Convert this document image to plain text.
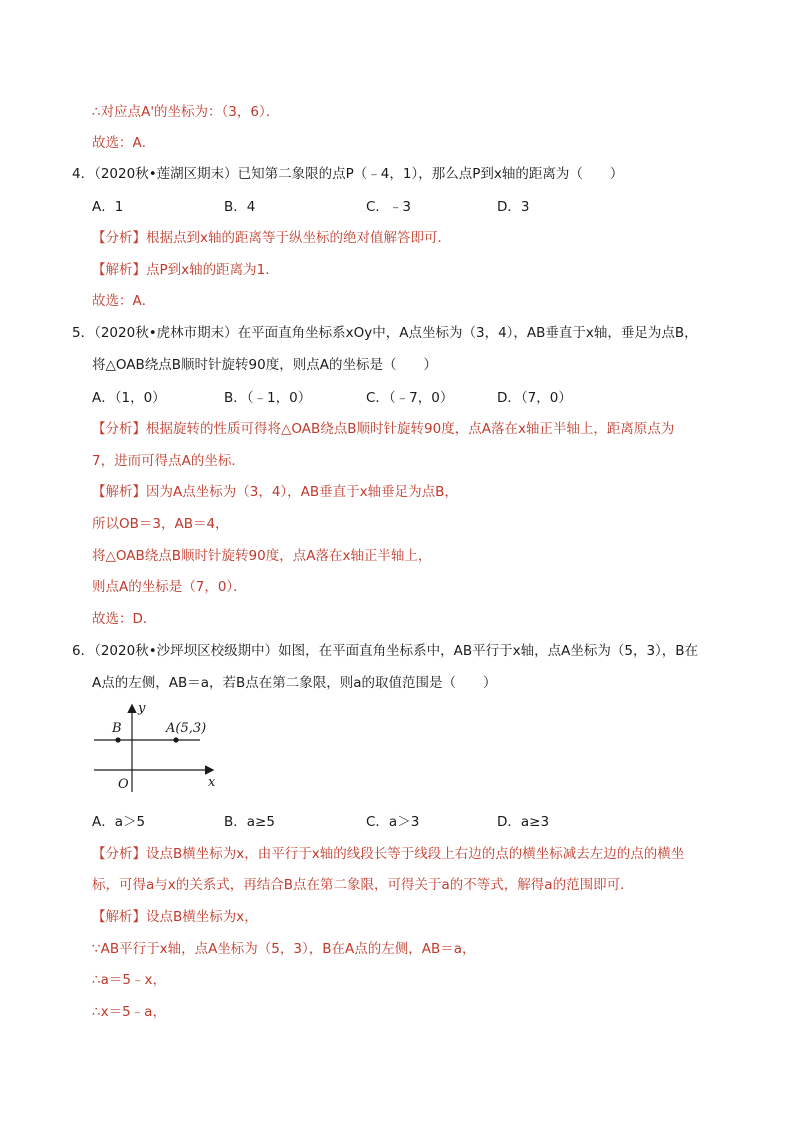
∴对应点A'的坐标为：（3，6）．
故选：A．
4．（2020秋•莲湖区期末）已知第二象限的点P（﹣4，1），那么点P到x轴的距离为（　　）
A．1	B．4	C．﹣3	D．3
【分析】根据点到x轴的距离等于纵坐标的绝对值解答即可．
【解析】点P到x轴的距离为1．
故选：A．
5．（2020秋•虎林市期末）在平面直角坐标系xOy中，A点坐标为（3，4），AB垂直于x轴，垂足为点B，
将△OAB绕点B顺时针旋转90度，则点A的坐标是（　　）
A．（1，0）	B．（﹣1，0）	C．（﹣7，0）	D．（7，0）
【分析】根据旋转的性质可得将△OAB绕点B顺时针旋转90度，点A落在x轴正半轴上，距离原点为
7，进而可得点A的坐标．
【解析】因为A点坐标为（3，4），AB垂直于x轴垂足为点B，
所以OB＝3，AB＝4，
将△OAB绕点B顺时针旋转90度，点A落在x轴正半轴上，
则点A的坐标是（7，0）．
故选：D．
6．（2020秋•沙坪坝区校级期中）如图，在平面直角坐标系中，AB平行于x轴，点A坐标为（5，3），B在
A点的左侧，AB＝a，若B点在第二象限，则a的取值范围是（　　）
B	A(5,3)
O	x
y
A．a＞5	B．a≥5	C．a＞3	D．a≥3
【分析】设点B横坐标为x，由平行于x轴的线段长等于线段上右边的点的横坐标减去左边的点的横坐
标，可得a与x的关系式，再结合B点在第二象限，可得关于a的不等式，解得a的范围即可．
【解析】设点B横坐标为x，
∵AB平行于x轴，点A坐标为（5，3），B在A点的左侧，AB＝a，
∴a＝5﹣x，
∴x＝5﹣a，
